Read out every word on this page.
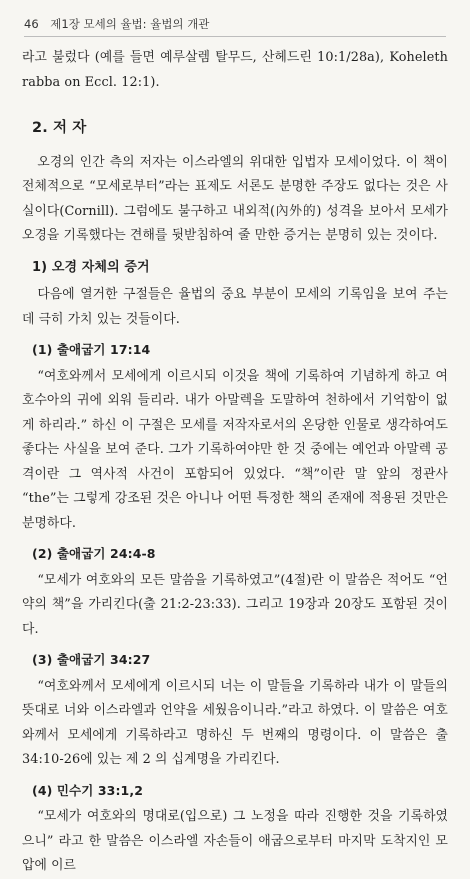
46 제1장 모세의 율법: 율법의 개관

라고 불렀다 (예를 들면 예루살렘 탈무드, 산헤드린 10:1/28a), Koheleth rabba on Eccl. 12:1).

2. 저 자

오경의 인간 측의 저자는 이스라엘의 위대한 입법자 모세이었다. 이 책이 전체적으로 “모세로부터”라는 표제도 서론도 분명한 주장도 없다는 것은 사실이다(Cornill). 그럼에도 불구하고 내외적(內外的) 성격을 보아서 모세가 오경을 기록했다는 견해를 뒷받침하여 줄 만한 증거는 분명히 있는 것이다.

1) 오경 자체의 증거

다음에 열거한 구절들은 율법의 중요 부분이 모세의 기록임을 보여 주는 데 극히 가치 있는 것들이다.

(1) 출애굽기 17:14

“여호와께서 모세에게 이르시되 이것을 책에 기록하여 기념하게 하고 여호수아의 귀에 외워 들리라. 내가 아말렉을 도말하여 천하에서 기억함이 없게 하리라.” 하신 이 구절은 모세를 저작자로서의 온당한 인물로 생각하여도 좋다는 사실을 보여 준다. 그가 기록하여야만 한 것 중에는 예언과 아말렉 공격이란 그 역사적 사건이 포함되어 있었다. “책”이란 말 앞의 정관사 “the”는 그렇게 강조된 것은 아니나 어떤 특정한 책의 존재에 적용된 것만은 분명하다.

(2) 출애굽기 24:4-8

“모세가 여호와의 모든 말씀을 기록하였고”(4절)란 이 말씀은 적어도 “언약의 책”을 가리킨다(출 21:2-23:33). 그리고 19장과 20장도 포함된 것이다.

(3) 출애굽기 34:27

“여호와께서 모세에게 이르시되 너는 이 말들을 기록하라 내가 이 말들의 뜻대로 너와 이스라엘과 언약을 세웠음이니라.”라고 하였다. 이 말씀은 여호와께서 모세에게 기록하라고 명하신 두 번째의 명령이다. 이 말씀은 출 34:10-26에 있는 제 2 의 십계명을 가리킨다.

(4) 민수기 33:1,2

“모세가 여호와의 명대로(입으로) 그 노정을 따라 진행한 것을 기록하였으니” 라고 한 말씀은 이스라엘 자손들이 애굽으로부터 마지막 도착지인 모압에 이르
